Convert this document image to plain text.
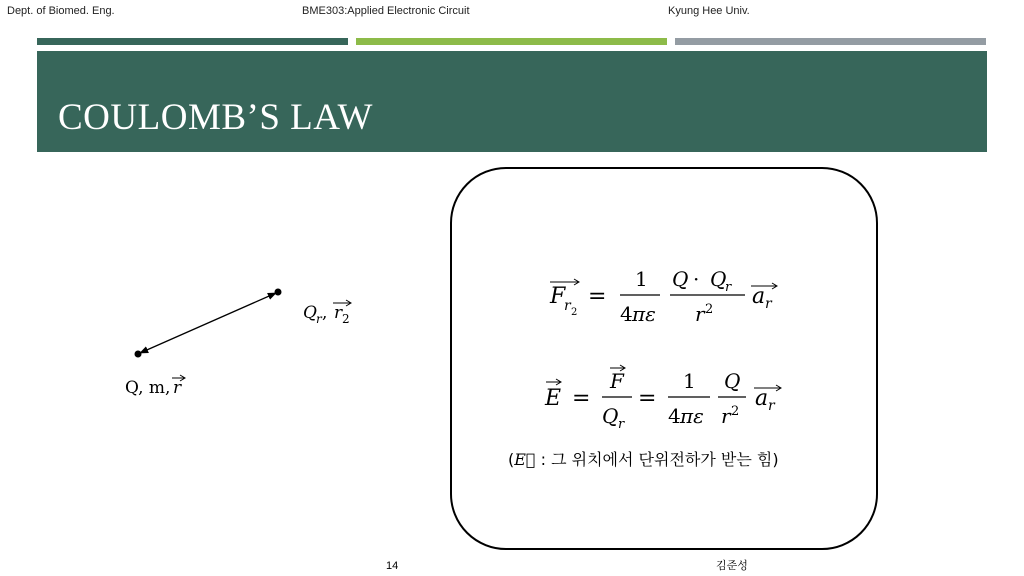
Dept. of Biomed. Eng.	BME303:Applied Electronic Circuit	Kyung Hee Univ.
COULOMB’S LAW
Q r , r 2
Q, m, r
F
r 2
=
1
4 πε
Q · Q
r
r 2
a r
E =
F
Q r
=
1
4 πε
Q
r 2
a r
(E⃗ : 그 위치에서 단위전하가 받는 힘)
14	김준성
